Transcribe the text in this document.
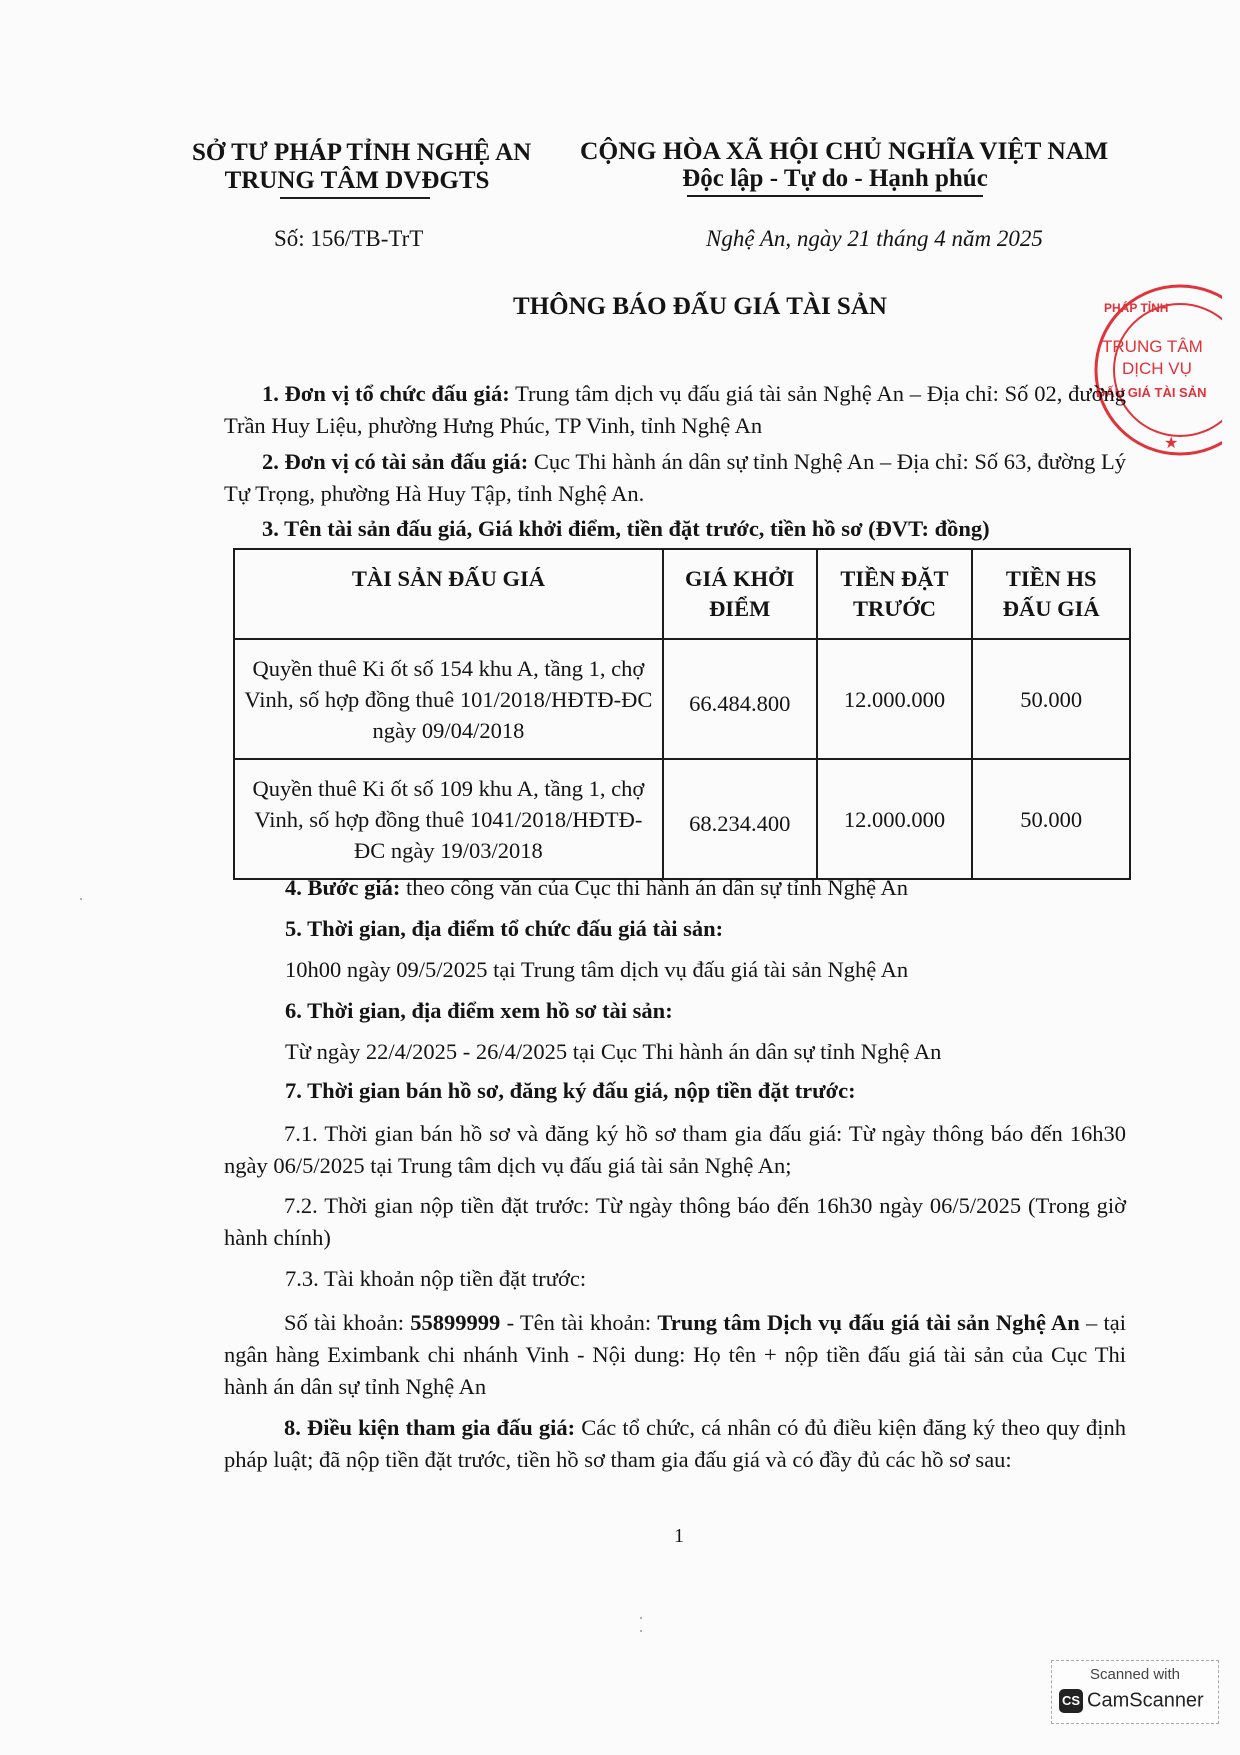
SỞ TƯ PHÁP TỈNH NGHỆ AN
TRUNG TÂM DVĐGTS
CỘNG HÒA XÃ HỘI CHỦ NGHĨA VIỆT NAM
Độc lập - Tự do - Hạnh phúc
Số: 156/TB-TrT	Nghệ An, ngày 21 tháng 4 năm 2025
THÔNG BÁO ĐẤU GIÁ TÀI SẢN	PHÁP TỈNH
TRUNG TÂM
DỊCH VỤ
ĐẤU GIÁ TÀI SẢN
★
1. Đơn vị tổ chức đấu giá: Trung tâm dịch vụ đấu giá tài sản Nghệ An – Địa chỉ: Số 02, đường Trần Huy Liệu, phường Hưng Phúc, TP Vinh, tỉnh Nghệ An
2. Đơn vị có tài sản đấu giá: Cục Thi hành án dân sự tỉnh Nghệ An – Địa chỉ: Số 63, đường Lý Tự Trọng, phường Hà Huy Tập, tỉnh Nghệ An.
3. Tên tài sản đấu giá, Giá khởi điểm, tiền đặt trước, tiền hồ sơ (ĐVT: đồng)
TÀI SẢN ĐẤU GIÁ	GIÁ KHỞI ĐIỂM	TIỀN ĐẶT TRƯỚC	TIỀN HS ĐẤU GIÁ
Quyền thuê Ki ốt số 154 khu A, tầng 1, chợ Vinh, số hợp đồng thuê 101/2018/HĐTĐ-ĐC ngày 09/04/2018	66.484.800	12.000.000	50.000
Quyền thuê Ki ốt số 109 khu A, tầng 1, chợ Vinh, số hợp đồng thuê 1041/2018/HĐTĐ-ĐC ngày 19/03/2018	68.234.400	12.000.000	50.000
4. Bước giá: theo công văn của Cục thi hành án dân sự tỉnh Nghệ An
5. Thời gian, địa điểm tổ chức đấu giá tài sản:
10h00 ngày 09/5/2025 tại Trung tâm dịch vụ đấu giá tài sản Nghệ An
6. Thời gian, địa điểm xem hồ sơ tài sản:
Từ ngày 22/4/2025 - 26/4/2025 tại Cục Thi hành án dân sự tỉnh Nghệ An
7. Thời gian bán hồ sơ, đăng ký đấu giá, nộp tiền đặt trước:
7.1. Thời gian bán hồ sơ và đăng ký hồ sơ tham gia đấu giá: Từ ngày thông báo đến 16h30 ngày 06/5/2025 tại Trung tâm dịch vụ đấu giá tài sản Nghệ An;
7.2. Thời gian nộp tiền đặt trước: Từ ngày thông báo đến 16h30 ngày 06/5/2025 (Trong giờ hành chính)
7.3. Tài khoản nộp tiền đặt trước:
Số tài khoản: 55899999 - Tên tài khoản: Trung tâm Dịch vụ đấu giá tài sản Nghệ An – tại ngân hàng Eximbank chi nhánh Vinh - Nội dung: Họ tên + nộp tiền đấu giá tài sản của Cục Thi hành án dân sự tỉnh Nghệ An
8. Điều kiện tham gia đấu giá: Các tổ chức, cá nhân có đủ điều kiện đăng ký theo quy định pháp luật; đã nộp tiền đặt trước, tiền hồ sơ tham gia đấu giá và có đầy đủ các hồ sơ sau:
1
Scanned with
CS CamScanner
